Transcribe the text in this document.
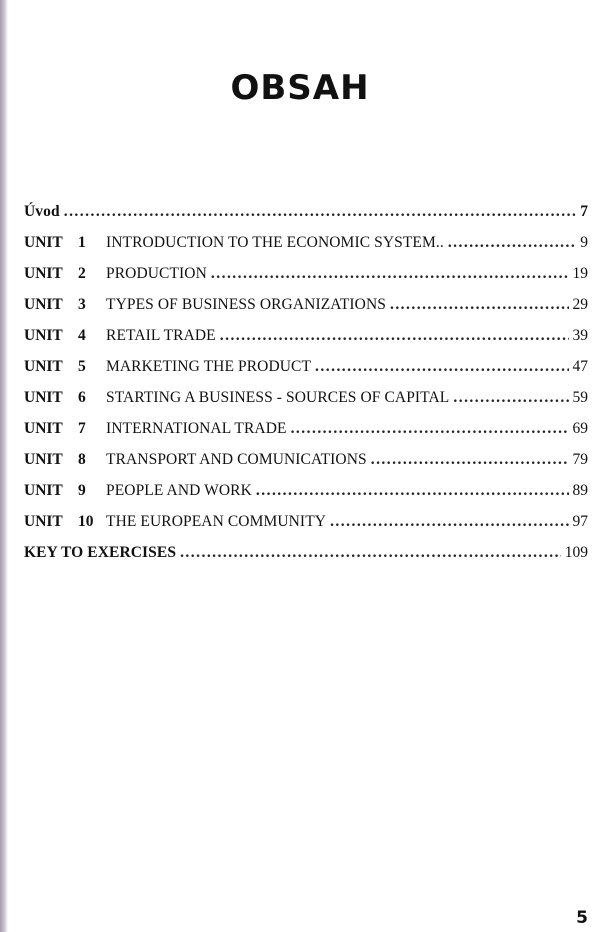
OBSAH
Úvod . . .	7
UNIT 1 INTRODUCTION TO THE ECONOMIC SYSTEM.. . . .	9
UNIT 2 PRODUCTION . . .	19
UNIT 3 TYPES OF BUSINESS ORGANIZATIONS . . .	29
UNIT 4 RETAIL TRADE . . .	39
UNIT 5 MARKETING THE PRODUCT . . .	47
UNIT 6 STARTING A BUSINESS - SOURCES OF CAPITAL . . .	59
UNIT 7 INTERNATIONAL TRADE . . .	69
UNIT 8 TRANSPORT AND COMUNICATIONS . . .	79
UNIT 9 PEOPLE AND WORK . . .	89
UNIT 10 THE EUROPEAN COMMUNITY . . .	97
KEY TO EXERCISES . . .	109
5
